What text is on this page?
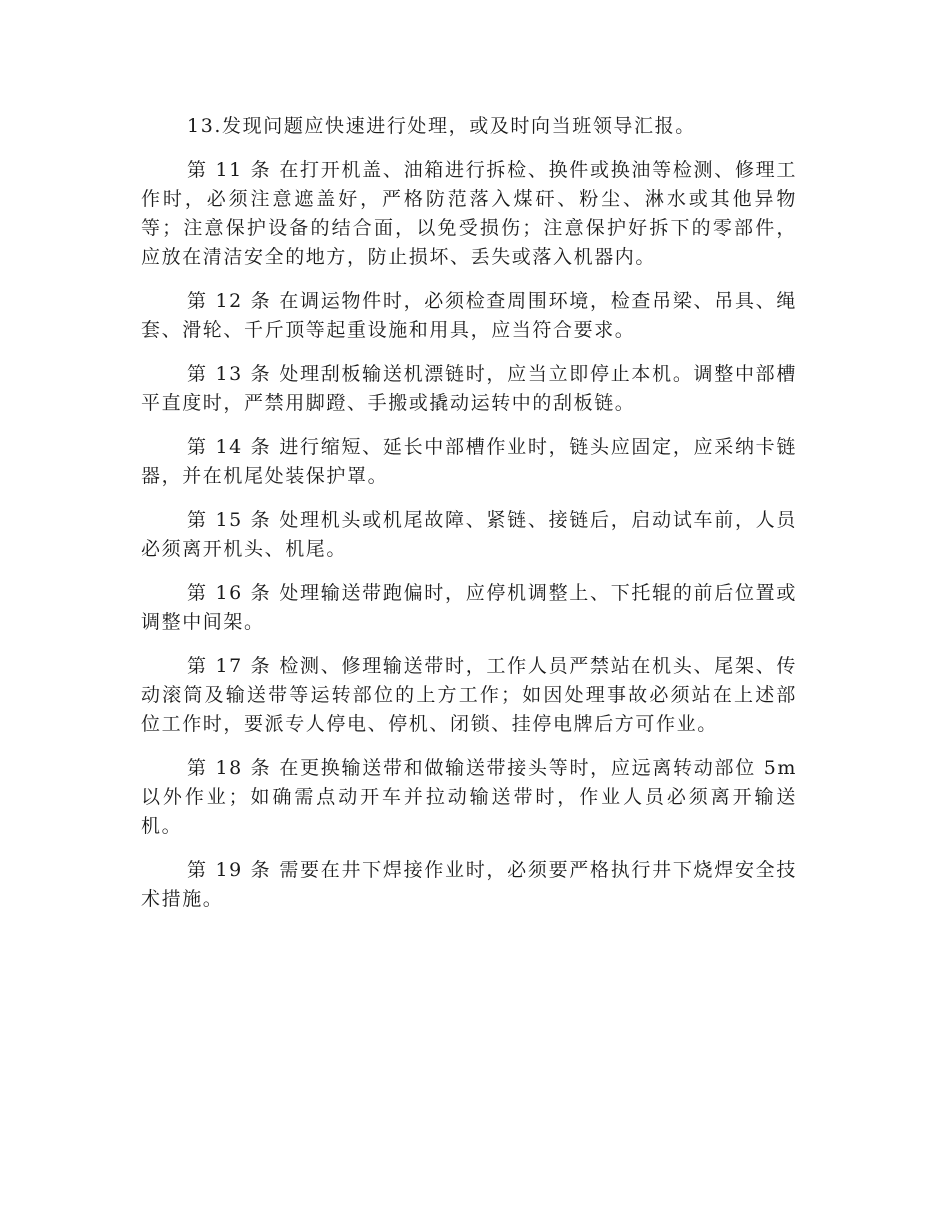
13.发现问题应快速进行处理，或及时向当班领导汇报。

第 11 条 在打开机盖、油箱进行拆检、换件或换油等检测、修理工作时，必须注意遮盖好，严格防范落入煤矸、粉尘、淋水或其他异物等；注意保护设备的结合面，以免受损伤；注意保护好拆下的零部件，应放在清洁安全的地方，防止损坏、丢失或落入机器内。

第 12 条 在调运物件时，必须检查周围环境，检查吊梁、吊具、绳套、滑轮、千斤顶等起重设施和用具，应当符合要求。

第 13 条 处理刮板输送机漂链时，应当立即停止本机。调整中部槽平直度时，严禁用脚蹬、手搬或撬动运转中的刮板链。

第 14 条 进行缩短、延长中部槽作业时，链头应固定，应采纳卡链器，并在机尾处装保护罩。

第 15 条 处理机头或机尾故障、紧链、接链后，启动试车前，人员必须离开机头、机尾。

第 16 条 处理输送带跑偏时，应停机调整上、下托辊的前后位置或调整中间架。

第 17 条 检测、修理输送带时，工作人员严禁站在机头、尾架、传动滚筒及输送带等运转部位的上方工作；如因处理事故必须站在上述部位工作时，要派专人停电、停机、闭锁、挂停电牌后方可作业。

第 18 条 在更换输送带和做输送带接头等时，应远离转动部位 5m 以外作业；如确需点动开车并拉动输送带时，作业人员必须离开输送机。

第 19 条 需要在井下焊接作业时，必须要严格执行井下烧焊安全技术措施。
